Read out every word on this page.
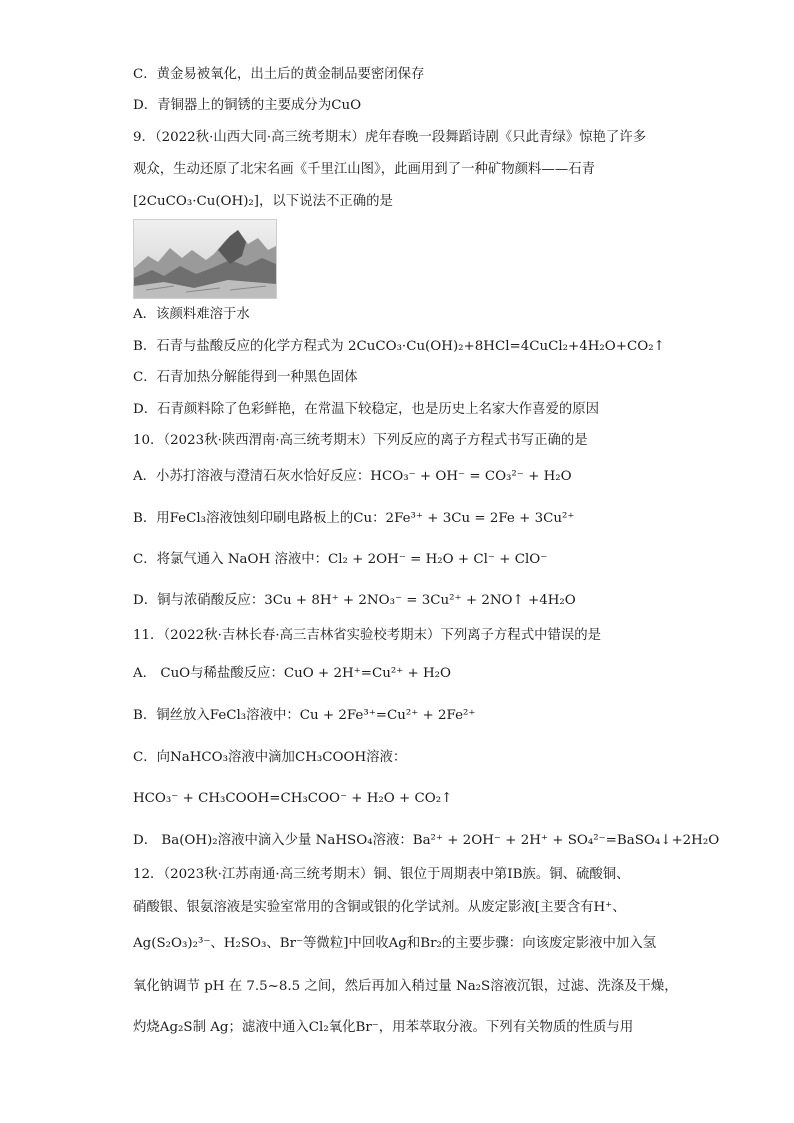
C．黄金易被氧化，出土后的黄金制品要密闭保存
D．青铜器上的铜锈的主要成分为CuO
9．（2022秋·山西大同·高三统考期末）虎年春晚一段舞蹈诗剧《只此青绿》惊艳了许多
观众，生动还原了北宋名画《千里江山图》，此画用到了一种矿物颜料——石青
[2CuCO₃·Cu(OH)₂]，以下说法不正确的是
A．该颜料难溶于水
B．石青与盐酸反应的化学方程式为 2CuCO₃·Cu(OH)₂+8HCl=4CuCl₂+4H₂O+CO₂↑
C．石青加热分解能得到一种黑色固体
D．石青颜料除了色彩鲜艳，在常温下较稳定，也是历史上名家大作喜爱的原因
10．（2023秋·陕西渭南·高三统考期末）下列反应的离子方程式书写正确的是
A．小苏打溶液与澄清石灰水恰好反应：HCO₃⁻ + OH⁻ = CO₃²⁻ + H₂O
B．用FeCl₃溶液蚀刻印刷电路板上的Cu：2Fe³⁺ + 3Cu = 2Fe + 3Cu²⁺
C．将氯气通入 NaOH 溶液中：Cl₂ + 2OH⁻ = H₂O + Cl⁻ + ClO⁻
D．铜与浓硝酸反应：3Cu + 8H⁺ + 2NO₃⁻ = 3Cu²⁺ + 2NO↑ +4H₂O
11．（2022秋·吉林长春·高三吉林省实验校考期末）下列离子方程式中错误的是
A． CuO与稀盐酸反应：CuO + 2H⁺=Cu²⁺ + H₂O
B．铜丝放入FeCl₃溶液中：Cu + 2Fe³⁺=Cu²⁺ + 2Fe²⁺
C．向NaHCO₃溶液中滴加CH₃COOH溶液：
HCO₃⁻ + CH₃COOH=CH₃COO⁻ + H₂O + CO₂↑
D． Ba(OH)₂溶液中滴入少量 NaHSO₄溶液：Ba²⁺ + 2OH⁻ + 2H⁺ + SO₄²⁻=BaSO₄↓+2H₂O
12．（2023秋·江苏南通·高三统考期末）铜、银位于周期表中第ⅠB族。铜、硫酸铜、
硝酸银、银氨溶液是实验室常用的含铜或银的化学试剂。从废定影液[主要含有H⁺、
Ag(S₂O₃)₂³⁻、H₂SO₃、Br⁻等微粒]中回收Ag和Br₂的主要步骤：向该废定影液中加入氢
氧化钠调节 pH 在 7.5~8.5 之间，然后再加入稍过量 Na₂S溶液沉银，过滤、洗涤及干燥，
灼烧Ag₂S制 Ag；滤液中通入Cl₂氧化Br⁻，用苯萃取分液。下列有关物质的性质与用
